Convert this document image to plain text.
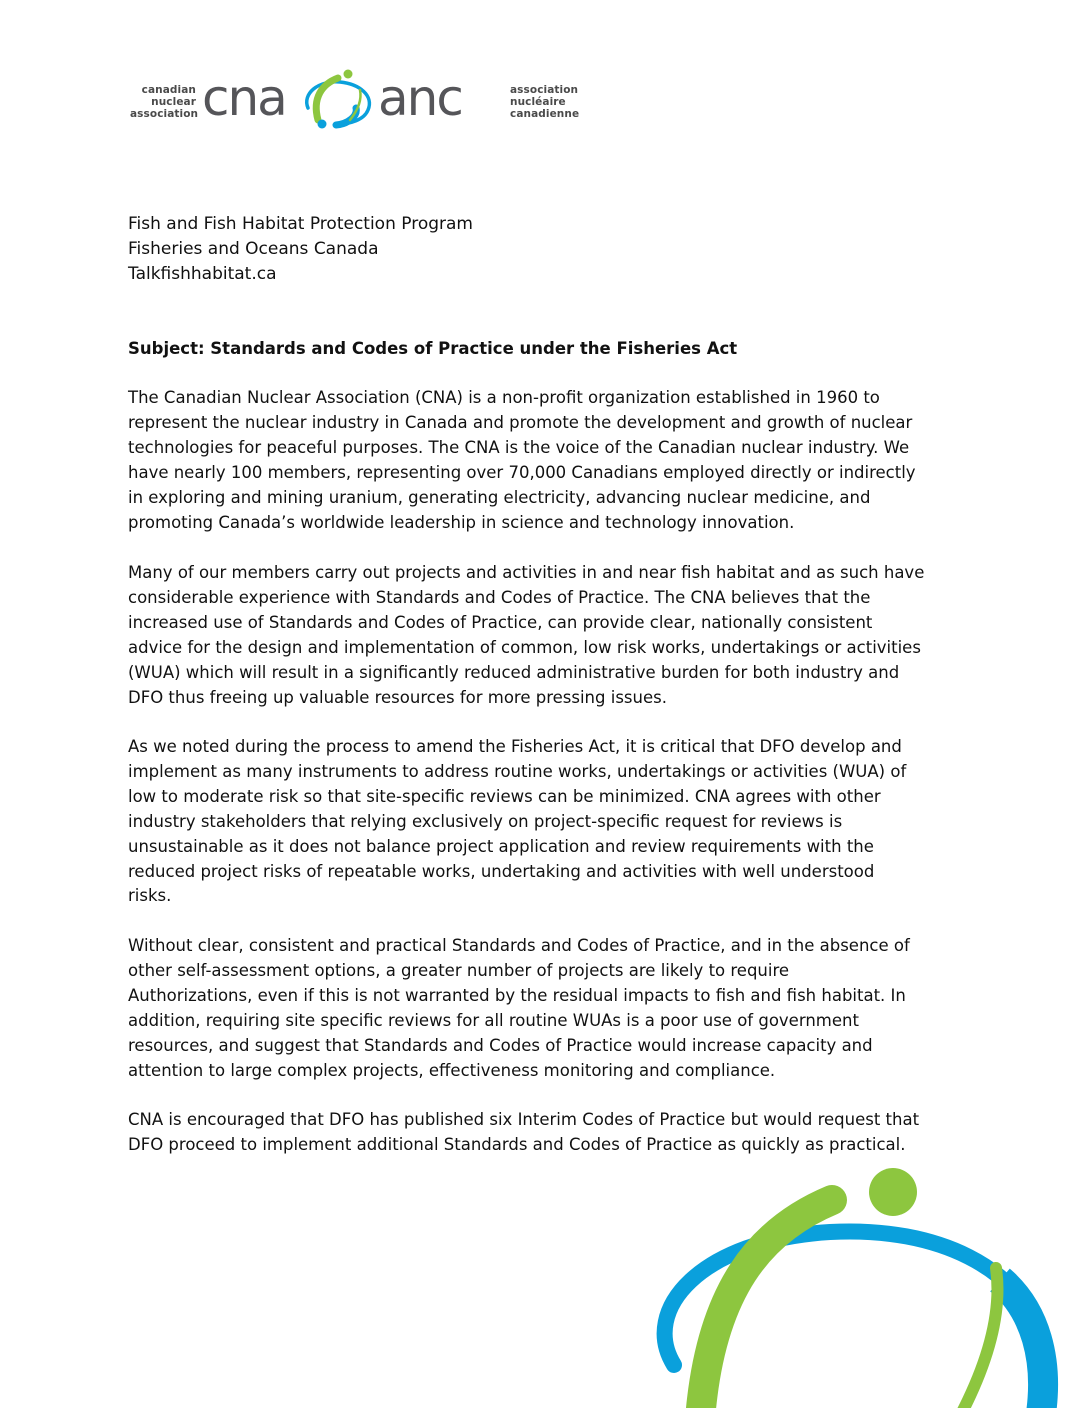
canadian
nuclear
association cna anc	association
nucléaire
canadienne
Fish and Fish Habitat Protection Program
Fisheries and Oceans Canada
Talkfishhabitat.ca
Subject: Standards and Codes of Practice under the Fisheries Act
The Canadian Nuclear Association (CNA) is a non-profit organization established in 1960 to
represent the nuclear industry in Canada and promote the development and growth of nuclear
technologies for peaceful purposes. The CNA is the voice of the Canadian nuclear industry. We
have nearly 100 members, representing over 70,000 Canadians employed directly or indirectly
in exploring and mining uranium, generating electricity, advancing nuclear medicine, and
promoting Canada’s worldwide leadership in science and technology innovation.
Many of our members carry out projects and activities in and near fish habitat and as such have
considerable experience with Standards and Codes of Practice. The CNA believes that the
increased use of Standards and Codes of Practice, can provide clear, nationally consistent
advice for the design and implementation of common, low risk works, undertakings or activities
(WUA) which will result in a significantly reduced administrative burden for both industry and
DFO thus freeing up valuable resources for more pressing issues.
As we noted during the process to amend the Fisheries Act, it is critical that DFO develop and
implement as many instruments to address routine works, undertakings or activities (WUA) of
low to moderate risk so that site-specific reviews can be minimized. CNA agrees with other
industry stakeholders that relying exclusively on project-specific request for reviews is
unsustainable as it does not balance project application and review requirements with the
reduced project risks of repeatable works, undertaking and activities with well understood
risks.
Without clear, consistent and practical Standards and Codes of Practice, and in the absence of
other self-assessment options, a greater number of projects are likely to require
Authorizations, even if this is not warranted by the residual impacts to fish and fish habitat. In
addition, requiring site specific reviews for all routine WUAs is a poor use of government
resources, and suggest that Standards and Codes of Practice would increase capacity and
attention to large complex projects, effectiveness monitoring and compliance.
CNA is encouraged that DFO has published six Interim Codes of Practice but would request that
DFO proceed to implement additional Standards and Codes of Practice as quickly as practical.
